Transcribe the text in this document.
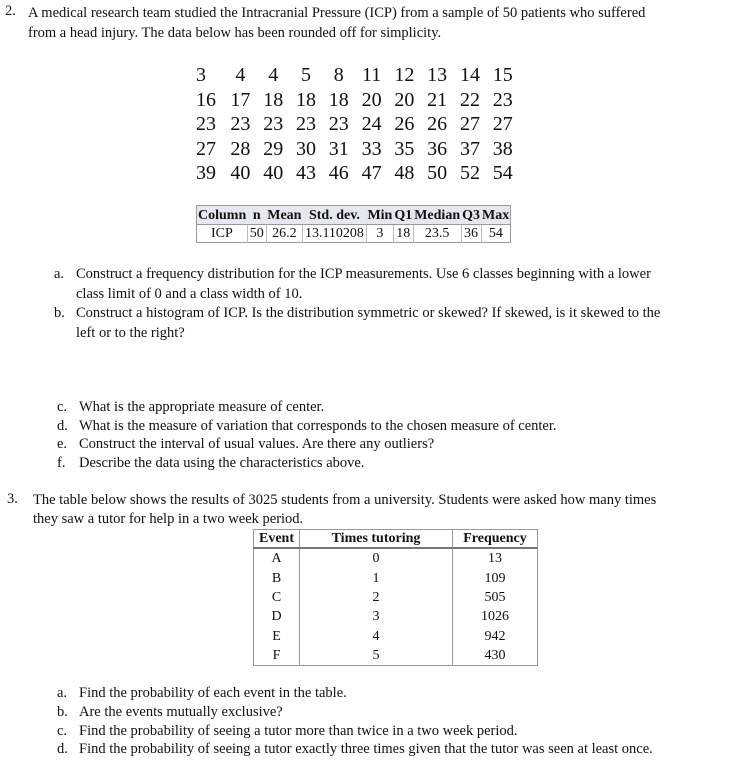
2. A medical research team studied the Intracranial Pressure (ICP) from a sample of 50 patients who suffered
from a head injury. The data below has been rounded off for simplicity.
3	4	4	5	8 11 12 13 14 15
16 17 18 18 18 20 20 21 22 23
23 23 23 23 23 24 26 26 27 27
27 28 29 30 31 33 35 36 37 38
39 40 40 43 46 47 48 50 52 54
Column	n	Mean	Std. dev.	Min	Q1	Median	Q3	Max
ICP	50	26.2	13.110208	3	18	23.5	36	54
a. Construct a frequency distribution for the ICP measurements. Use 6 classes beginning with a lower
class limit of 0 and a class width of 10.
b. Construct a histogram of ICP. Is the distribution symmetric or skewed? If skewed, is it skewed to the
left or to the right?
c. What is the appropriate measure of center.
d. What is the measure of variation that corresponds to the chosen measure of center.
e. Construct the interval of usual values. Are there any outliers?
f. Describe the data using the characteristics above.
3. The table below shows the results of 3025 students from a university. Students were asked how many times
they saw a tutor for help in a two week period.
Event	Times tutoring	Frequency
A	0	13
B	1	109
C	2	505
D	3	1026
E	4	942
F	5	430
a. Find the probability of each event in the table.
b. Are the events mutually exclusive?
c. Find the probability of seeing a tutor more than twice in a two week period.
d. Find the probability of seeing a tutor exactly three times given that the tutor was seen at least once.
